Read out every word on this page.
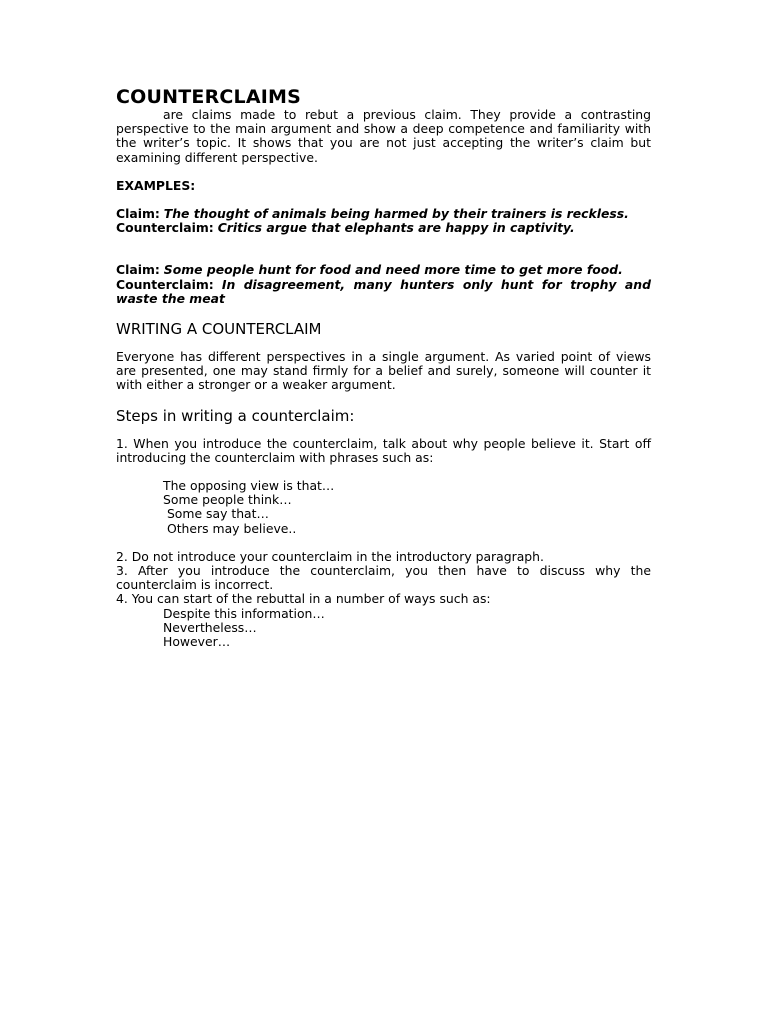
COUNTERCLAIMS

are claims made to rebut a previous claim. They provide a contrasting perspective to the main argument and show a deep competence and familiarity with the writer’s topic. It shows that you are not just accepting the writer’s claim but examining different perspective.

EXAMPLES:

Claim: The thought of animals being harmed by their trainers is reckless.

Counterclaim: Critics argue that elephants are happy in captivity.

Claim: Some people hunt for food and need more time to get more food.

Counterclaim: In disagreement, many hunters only hunt for trophy and waste the meat

WRITING A COUNTERCLAIM

Everyone has different perspectives in a single argument. As varied point of views are presented, one may stand firmly for a belief and surely, someone will counter it with either a stronger or a weaker argument.

Steps in writing a counterclaim:

1. When you introduce the counterclaim, talk about why people believe it. Start off introducing the counterclaim with phrases such as:

The opposing view is that…
Some people think…
Some say that…
Others may believe..
2. Do not introduce your counterclaim in the introductory paragraph.
3. After you introduce the counterclaim, you then have to discuss why the counterclaim is incorrect.
4. You can start of the rebuttal in a number of ways such as:
Despite this information…
Nevertheless…
However…
